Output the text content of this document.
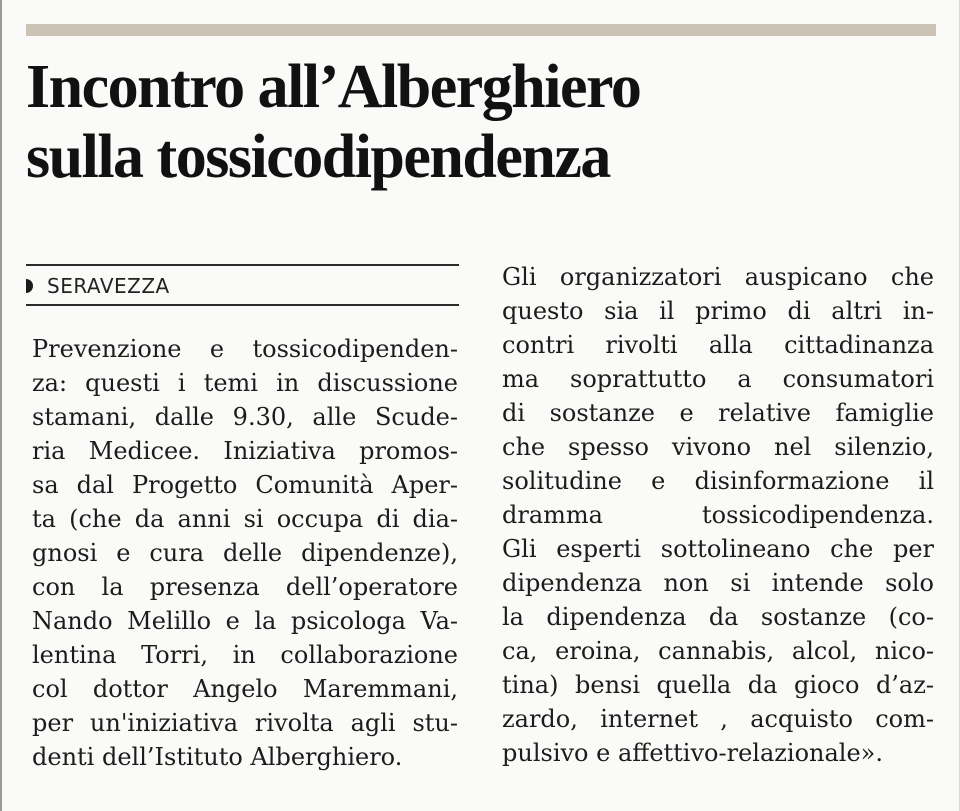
Incontro all’Alberghiero
sulla tossicodipendenza
SERAVEZZA
Prevenzione e tossicodipenden-
za: questi i temi in discussione
stamani, dalle 9.30, alle Scude-
ria Medicee. Iniziativa promos-
sa dal Progetto Comunità Aper-
ta (che da anni si occupa di dia-
gnosi e cura delle dipendenze),
con la presenza dell’operatore
Nando Melillo e la psicologa Va-
lentina Torri, in collaborazione
col dottor Angelo Maremmani,
per un'iniziativa rivolta agli stu-
denti dell’Istituto Alberghiero.
Gli organizzatori auspicano che
questo sia il primo di altri in-
contri rivolti alla cittadinanza
ma soprattutto a consumatori
di sostanze e relative famiglie
che spesso vivono nel silenzio,
solitudine e disinformazione il
dramma tossicodipendenza.
Gli esperti sottolineano che per
dipendenza non si intende solo
la dipendenza da sostanze (co-
ca, eroina, cannabis, alcol, nico-
tina) bensi quella da gioco d’az-
zardo, internet , acquisto com-
pulsivo e affettivo-relazionale».
